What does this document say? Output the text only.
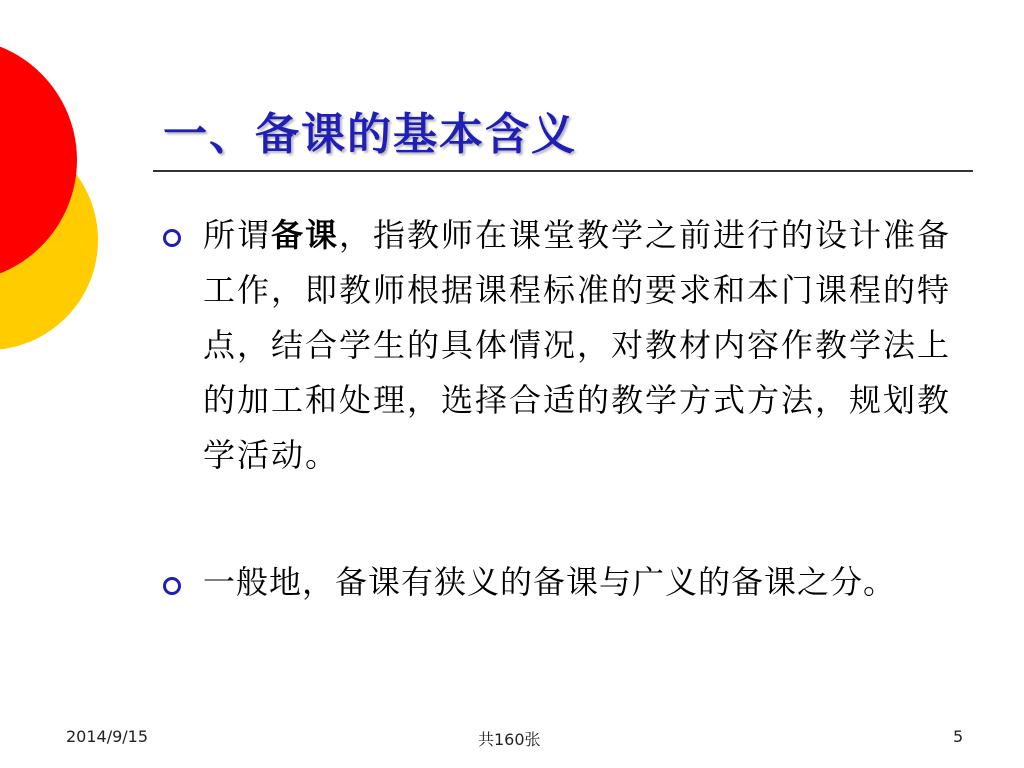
一、备课的基本含义
所谓备课，指教师在课堂教学之前进行的设计准备工作，即教师根据课程标准的要求和本门课程的特点，结合学生的具体情况，对教材内容作教学法上的加工和处理，选择合适的教学方式方法，规划教学活动。
一般地，备课有狭义的备课与广义的备课之分。
2014/9/15	共160张	5
